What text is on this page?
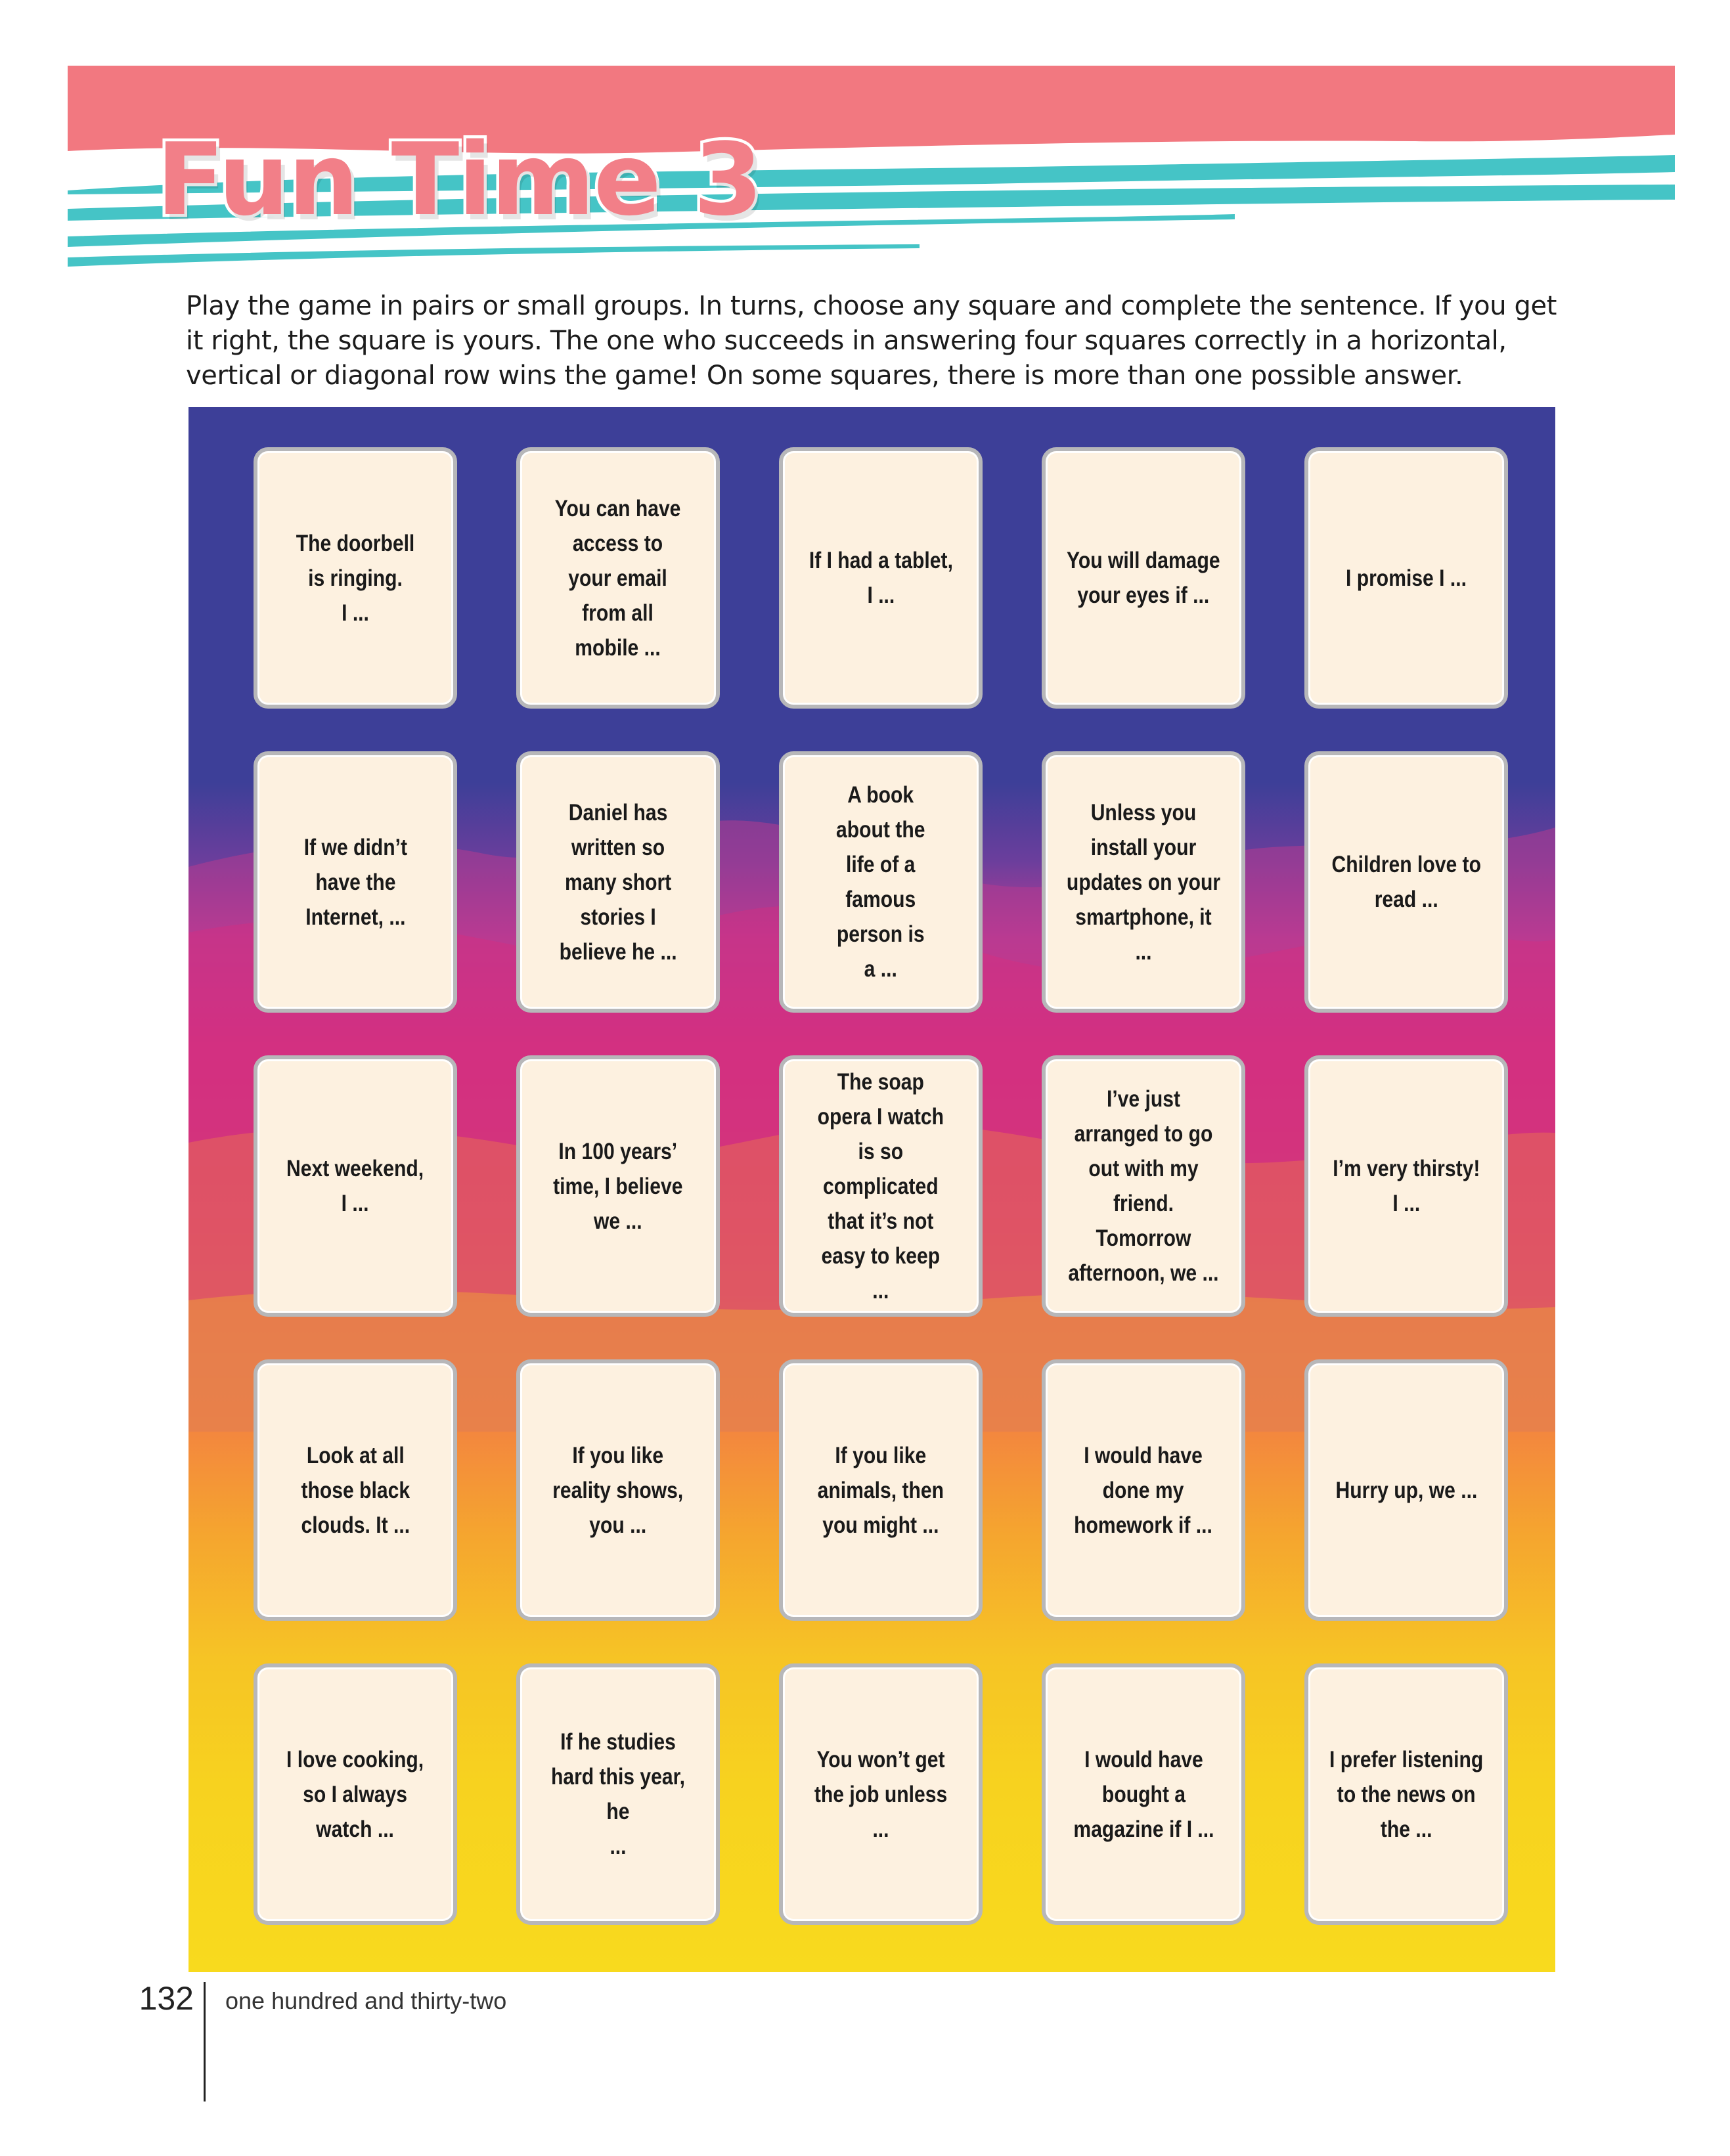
Fun Time 3

Play the game in pairs or small groups. In turns, choose any square and complete the sentence. If you get it right, the square is yours. The one who succeeds in answering four squares correctly in a horizontal, vertical or diagonal row wins the game! On some squares, there is more than one possible answer.

The doorbell
is ringing.
I ...
You can have
access to
your email
from all
mobile ...
If I had a tablet,
I ...
You will damage
your eyes if ...
I promise I ...
If we didn’t
have the
Internet, ...
Daniel has
written so
many short
stories I
believe he ...
A book
about the
life of a
famous
person is
a ...
Unless you
install your
updates on your
smartphone, it ...
Children love to
read ...
Next weekend,
I ...
In 100 years’
time, I believe
we ...
The soap
opera I watch
is so
complicated
that it’s not
easy to keep
...
I’ve just
arranged to go
out with my
friend. Tomorrow
afternoon, we ...
I’m very thirsty!
I ...
Look at all
those black
clouds. It ...
If you like
reality shows,
you ...
If you like
animals, then
you might ...
I would have
done my
homework if ...
Hurry up, we ...
I love cooking,
so I always
watch ...
If he studies
hard this year, he
...
You won’t get
the job unless ...
I would have
bought a
magazine if I ...
I prefer listening
to the news on
the ...

132 one hundred and thirty-two
